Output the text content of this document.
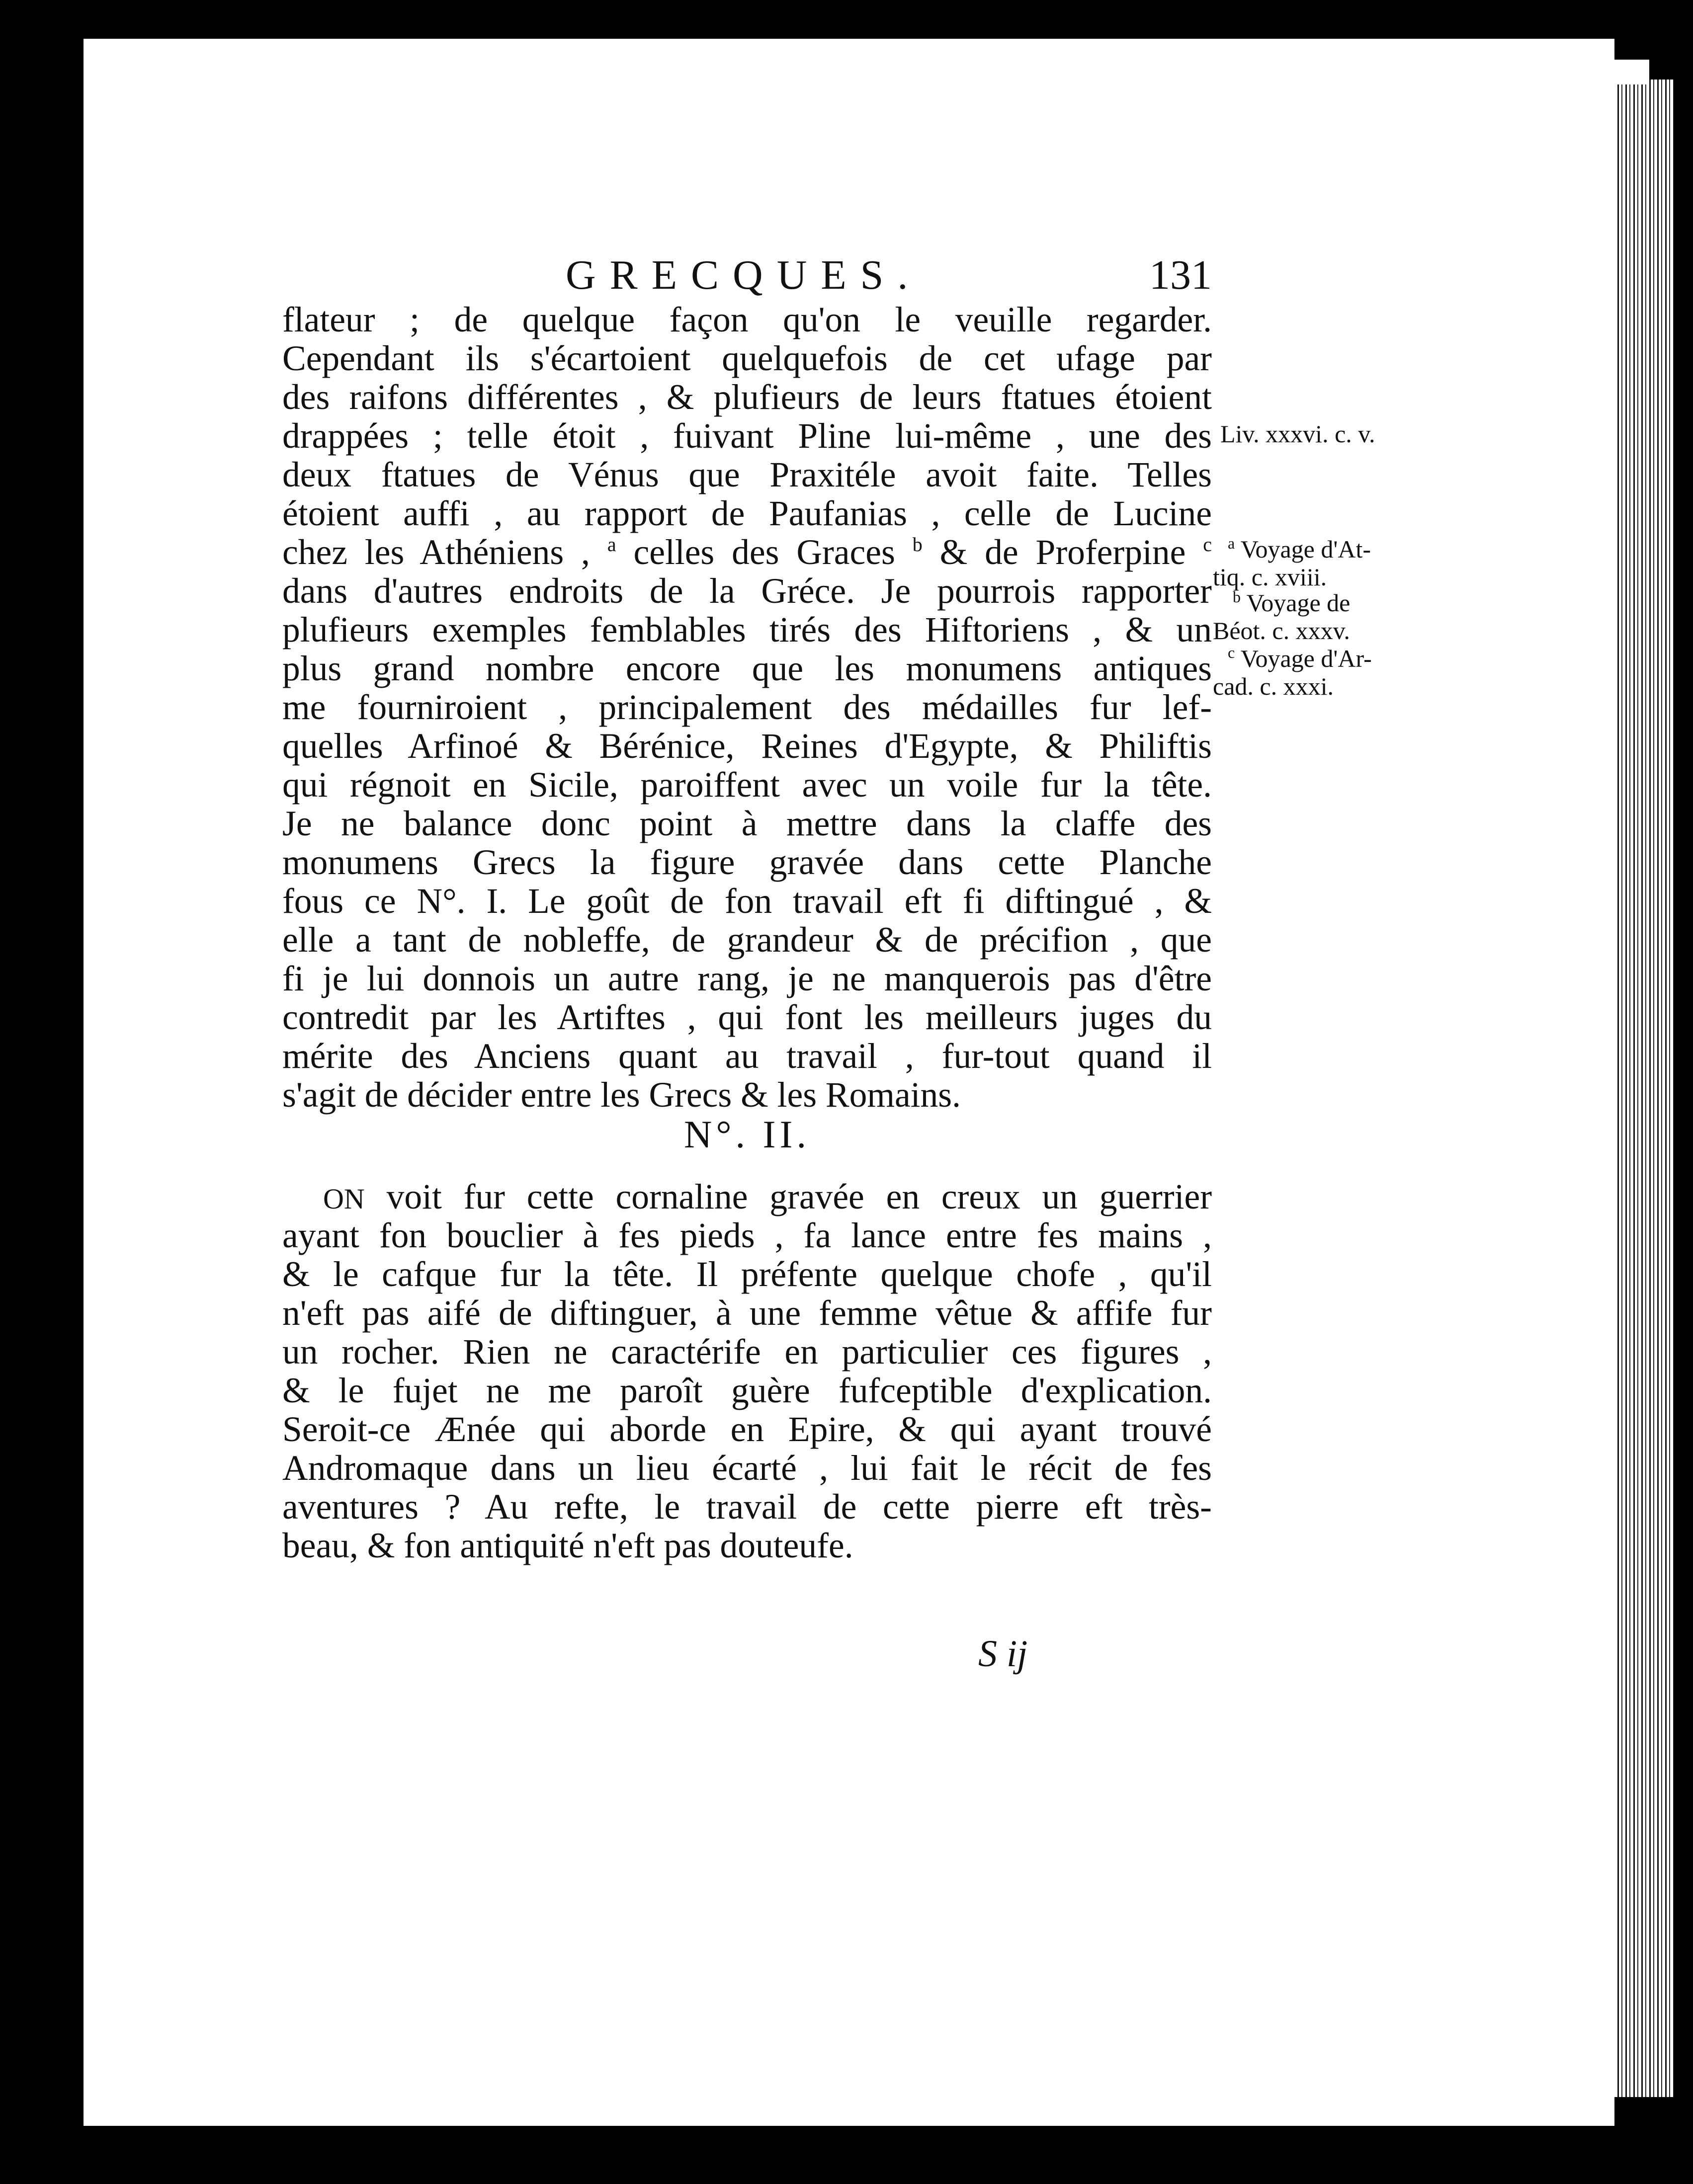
GRECQUES.	131
flateur ; de quelque façon qu'on le veuille regarder.
Cependant ils s'écartoient quelquefois de cet ufage par
des raifons différentes , & plufieurs de leurs ftatues étoient
drappées ; telle étoit , fuivant Pline lui-même , une des
deux ftatues de Vénus que Praxitéle avoit faite. Telles
étoient auffi , au rapport de Paufanias , celle de Lucine
chez les Athéniens , $^a$ celles des Graces $^b$ & de Proferpine $^c$
dans d'autres endroits de la Gréce. Je pourrois rapporter
plufieurs exemples femblables tirés des Hiftoriens , & un
plus grand nombre encore que les monumens antiques
me fourniroient , principalement des médailles fur lef-
quelles Arfinoé & Bérénice, Reines d'Egypte, & Philiftis
qui régnoit en Sicile, paroiffent avec un voile fur la tête.
Je ne balance donc point à mettre dans la claffe des
monumens Grecs la figure gravée dans cette Planche
fous ce N°. I. Le goût de fon travail eft fi diftingué , &
elle a tant de nobleffe, de grandeur & de précifion , que
fi je lui donnois un autre rang, je ne manquerois pas d'être
contredit par les Artiftes , qui font les meilleurs juges du
mérite des Anciens quant au travail , fur-tout quand il
s'agit de décider entre les Grecs & les Romains.
N°. II.
ON voit fur cette cornaline gravée en creux un guerrier
ayant fon bouclier à fes pieds , fa lance entre fes mains ,
& le cafque fur la tête. Il préfente quelque chofe , qu'il
n'eft pas aifé de diftinguer, à une femme vêtue & affife fur
un rocher. Rien ne caractérife en particulier ces figures ,
& le fujet ne me paroît guère fufceptible d'explication.
Seroit-ce Ænée qui aborde en Epire, & qui ayant trouvé
Andromaque dans un lieu écarté , lui fait le récit de fes
aventures ? Au refte, le travail de cette pierre eft très-
beau, & fon antiquité n'eft pas douteufe.
Liv. xxxvi. c. v.
$^a$ Voyage d'At-
tiq. c. xviii.
$^b$ Voyage de
Béot. c. xxxv.
$^c$ Voyage d'Ar-
cad. c. xxxi.
S ij
